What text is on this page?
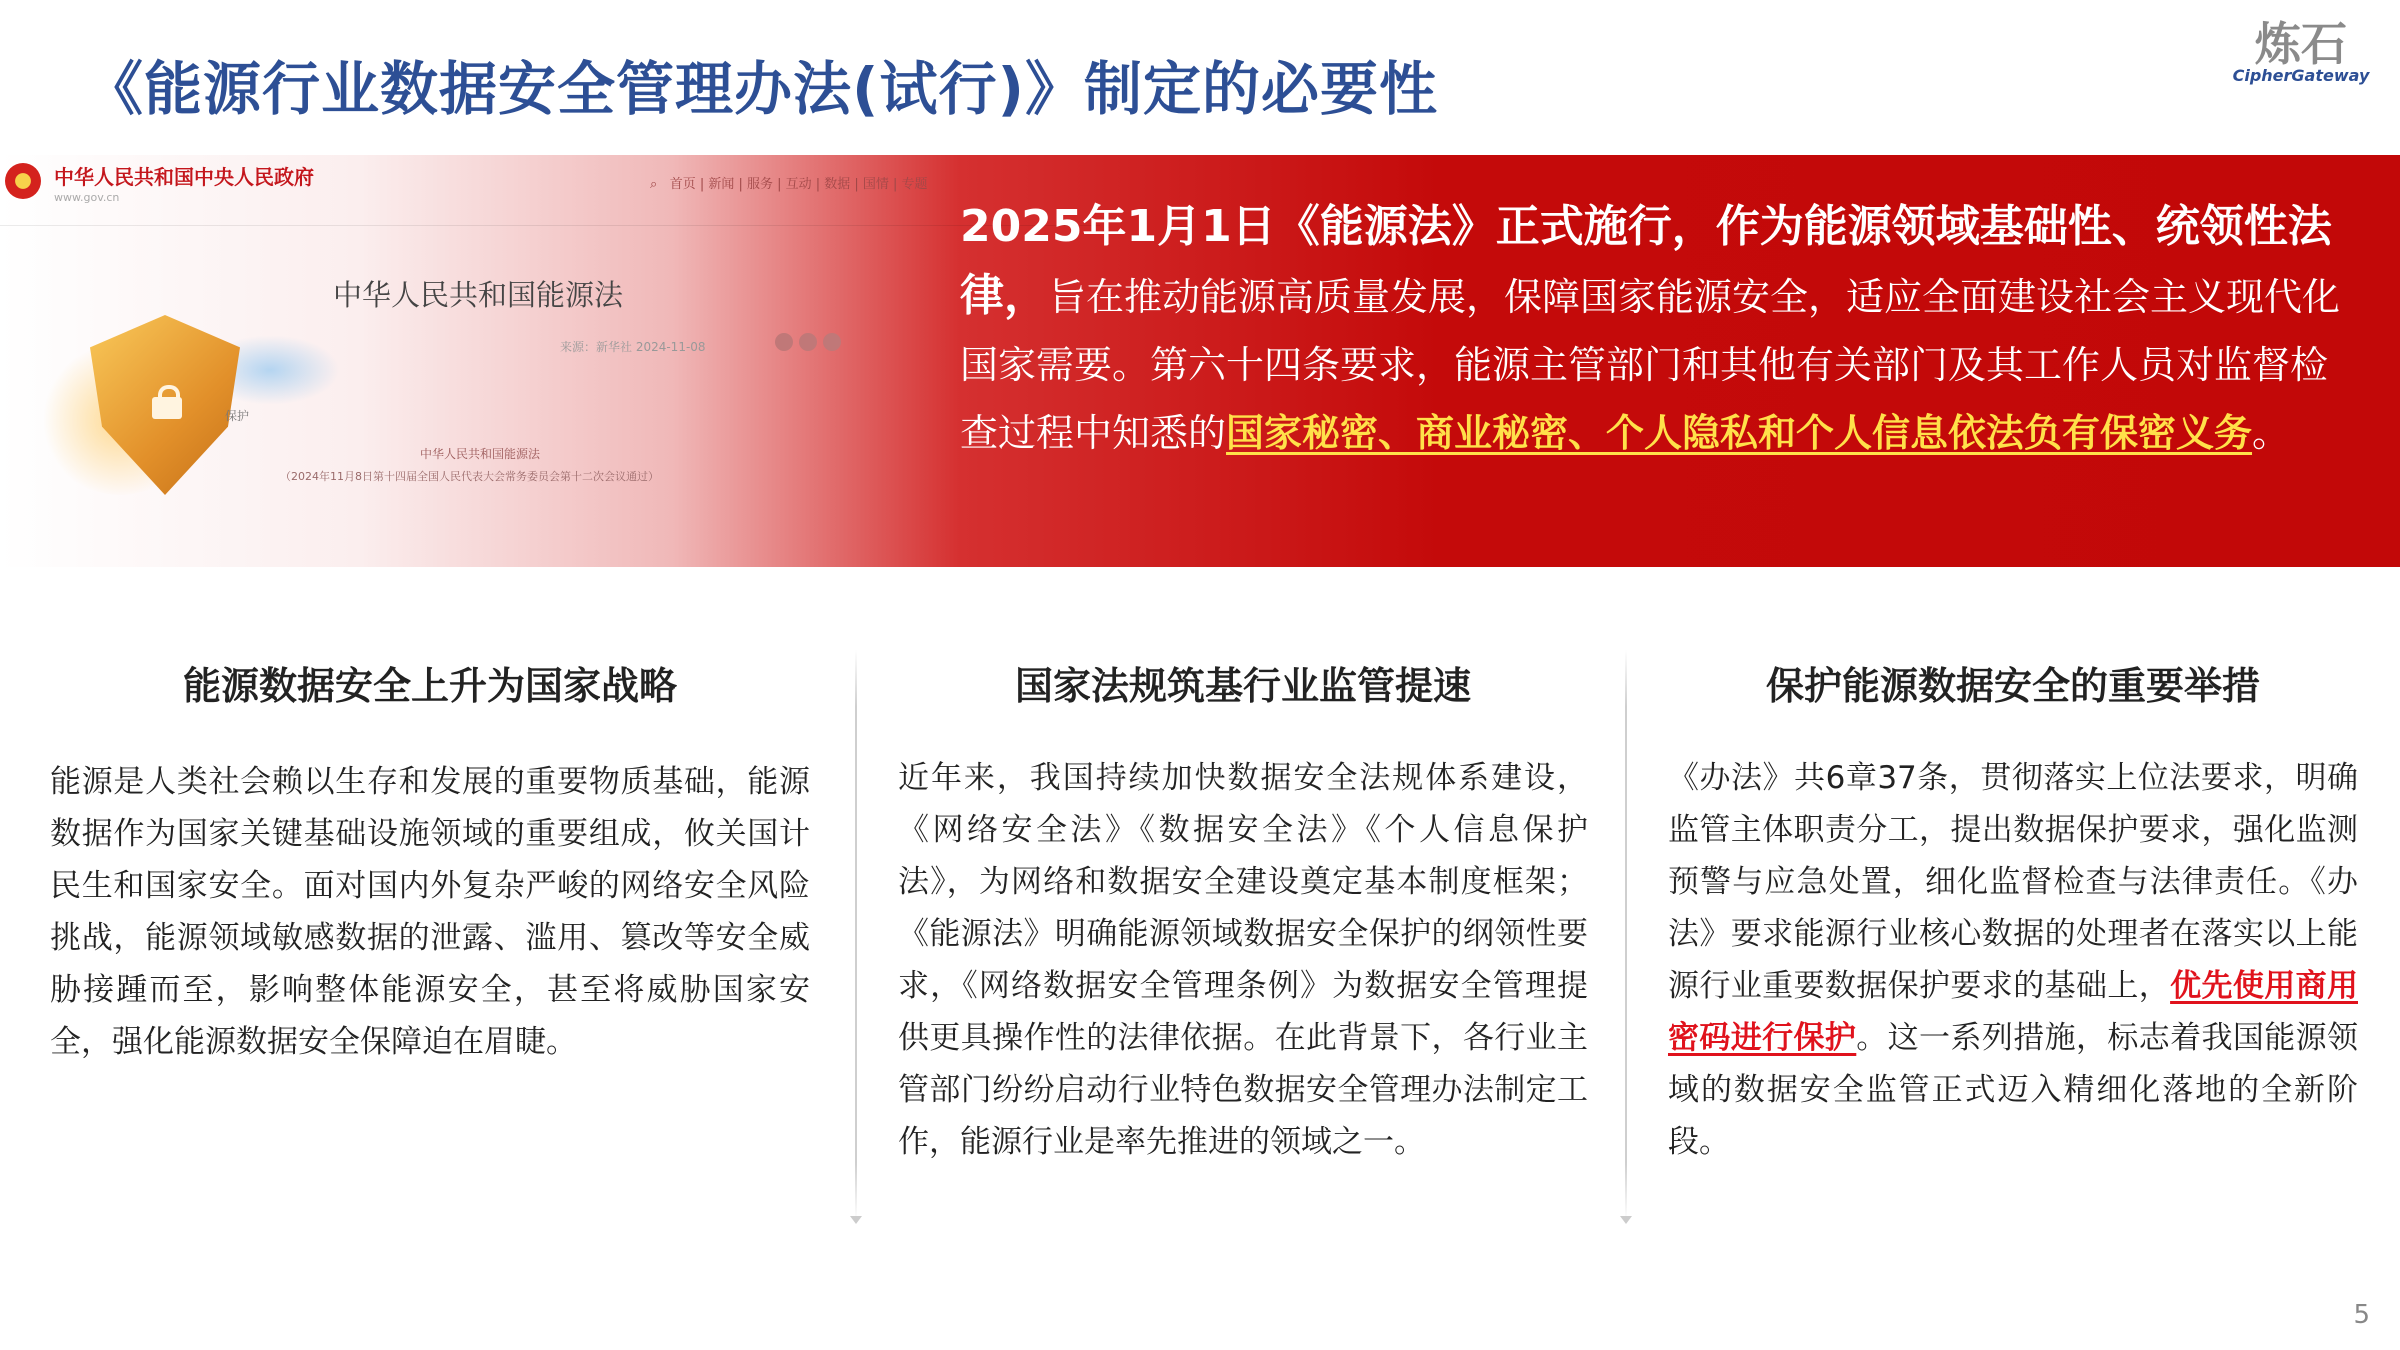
《能源行业数据安全管理办法(试行)》制定的必要性
炼石
CipherGateway
中华人民共和国中央人民政府
www.gov.cn
⌕ 首页 | 新闻 | 服务 | 互动 | 数据 | 国情 | 专题
保护
中华人民共和国能源法
来源：新华社 2024-11-08
中华人民共和国能源法
（2024年11月8日第十四届全国人民代表大会常务委员会第十二次会议通过）
2025年1月1日《能源法》正式施行，作为能源领域基础性、统领性法律，旨在推动能源高质量发展，保障国家能源安全，适应全面建设社会主义现代化国家需要。第六十四条要求，能源主管部门和其他有关部门及其工作人员对监督检查过程中知悉的国家秘密、商业秘密、个人隐私和个人信息依法负有保密义务。
能源数据安全上升为国家战略
能源是人类社会赖以生存和发展的重要物质基础，能源数据作为国家关键基础设施领域的重要组成，攸关国计民生和国家安全。面对国内外复杂严峻的网络安全风险挑战，能源领域敏感数据的泄露、滥用、篡改等安全威胁接踵而至，影响整体能源安全，甚至将威胁国家安全，强化能源数据安全保障迫在眉睫。
国家法规筑基行业监管提速
近年来，我国持续加快数据安全法规体系建设，《网络安全法》《数据安全法》《个人信息保护法》，为网络和数据安全建设奠定基本制度框架；《能源法》明确能源领域数据安全保护的纲领性要求，《网络数据安全管理条例》为数据安全管理提供更具操作性的法律依据。在此背景下，各行业主管部门纷纷启动行业特色数据安全管理办法制定工作，能源行业是率先推进的领域之一。
保护能源数据安全的重要举措
《办法》共6章37条，贯彻落实上位法要求，明确监管主体职责分工，提出数据保护要求，强化监测预警与应急处置，细化监督检查与法律责任。《办法》要求能源行业核心数据的处理者在落实以上能源行业重要数据保护要求的基础上，优先使用商用密码进行保护。这一系列措施，标志着我国能源领域的数据安全监管正式迈入精细化落地的全新阶段。
5
